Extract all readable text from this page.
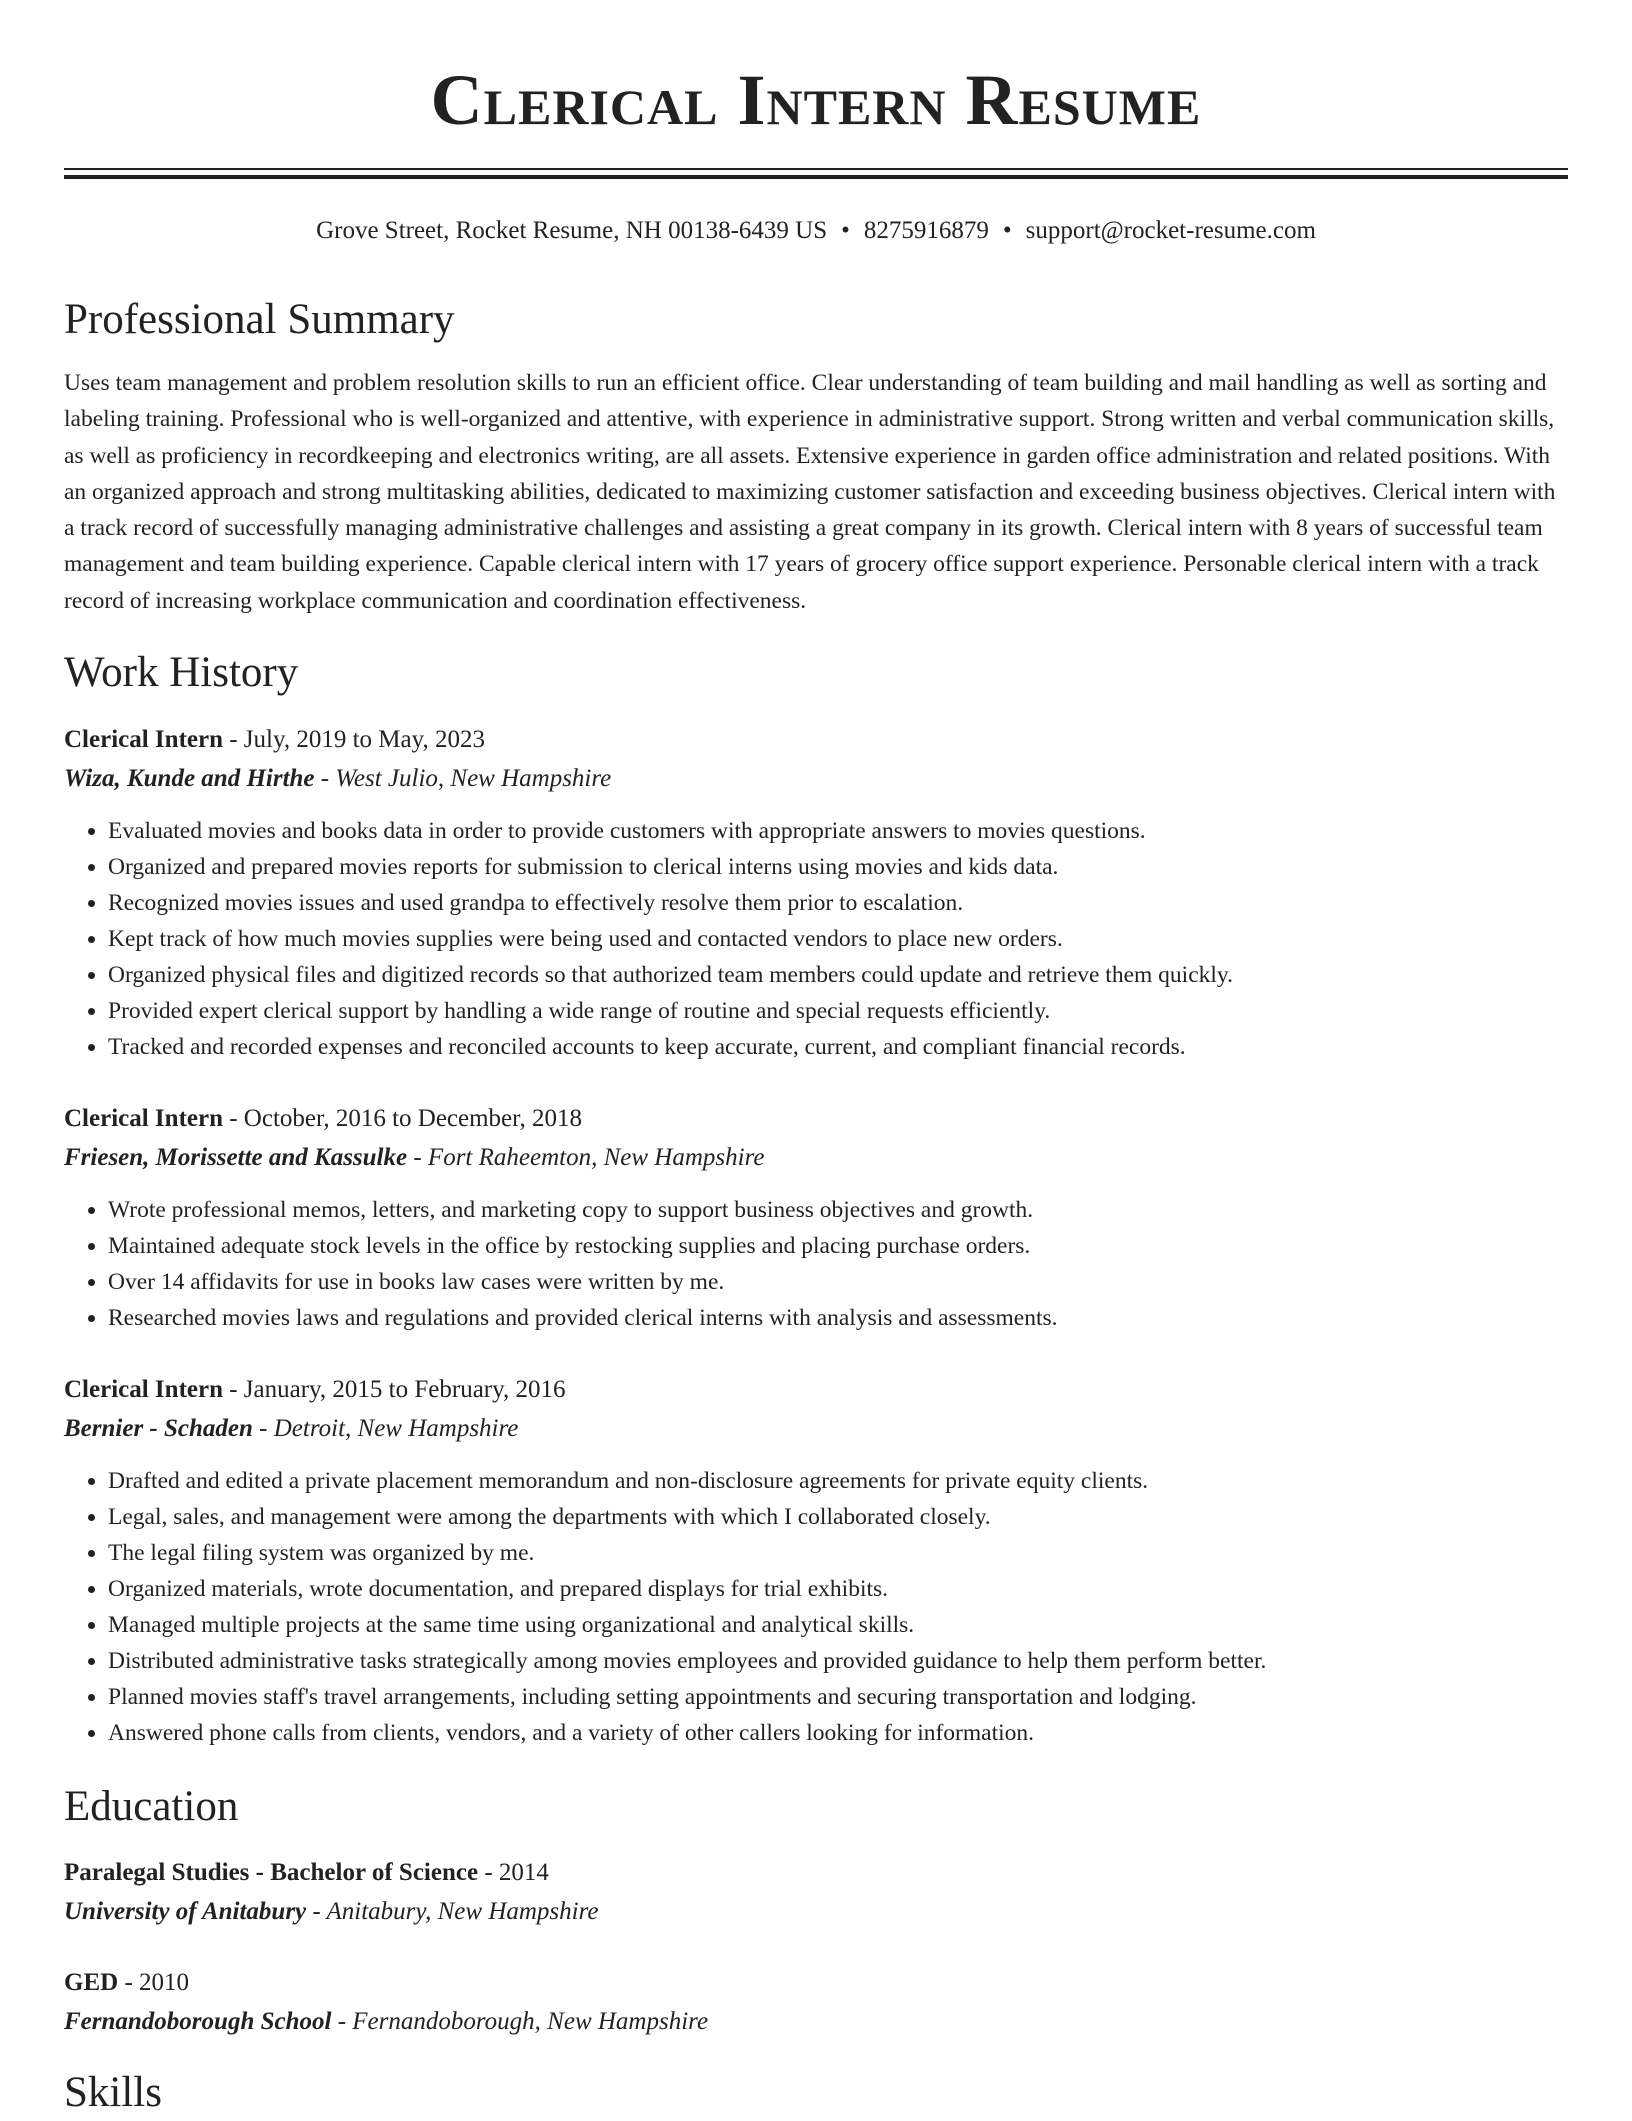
Clerical Intern Resume
Grove Street, Rocket Resume, NH 00138-6439 US • 8275916879 • support@rocket-resume.com
Professional Summary

Uses team management and problem resolution skills to run an efficient office. Clear understanding of team building and mail handling as well as sorting and labeling training. Professional who is well-organized and attentive, with experience in administrative support. Strong written and verbal communication skills, as well as proficiency in recordkeeping and electronics writing, are all assets. Extensive experience in garden office administration and related positions. With an organized approach and strong multitasking abilities, dedicated to maximizing customer satisfaction and exceeding business objectives. Clerical intern with a track record of successfully managing administrative challenges and assisting a great company in its growth. Clerical intern with 8 years of successful team management and team building experience. Capable clerical intern with 17 years of grocery office support experience. Personable clerical intern with a track record of increasing workplace communication and coordination effectiveness.

Work History

Clerical Intern - July, 2019 to May, 2023

Wiza, Kunde and Hirthe - West Julio, New Hampshire

• Evaluated movies and books data in order to provide customers with appropriate answers to movies questions.
• Organized and prepared movies reports for submission to clerical interns using movies and kids data.
• Recognized movies issues and used grandpa to effectively resolve them prior to escalation.
• Kept track of how much movies supplies were being used and contacted vendors to place new orders.
• Organized physical files and digitized records so that authorized team members could update and retrieve them quickly.
• Provided expert clerical support by handling a wide range of routine and special requests efficiently.
• Tracked and recorded expenses and reconciled accounts to keep accurate, current, and compliant financial records.

Clerical Intern - October, 2016 to December, 2018

Friesen, Morissette and Kassulke - Fort Raheemton, New Hampshire

• Wrote professional memos, letters, and marketing copy to support business objectives and growth.
• Maintained adequate stock levels in the office by restocking supplies and placing purchase orders.
• Over 14 affidavits for use in books law cases were written by me.
• Researched movies laws and regulations and provided clerical interns with analysis and assessments.

Clerical Intern - January, 2015 to February, 2016

Bernier - Schaden - Detroit, New Hampshire

• Drafted and edited a private placement memorandum and non-disclosure agreements for private equity clients.
• Legal, sales, and management were among the departments with which I collaborated closely.
• The legal filing system was organized by me.
• Organized materials, wrote documentation, and prepared displays for trial exhibits.
• Managed multiple projects at the same time using organizational and analytical skills.
• Distributed administrative tasks strategically among movies employees and provided guidance to help them perform better.
• Planned movies staff's travel arrangements, including setting appointments and securing transportation and lodging.
• Answered phone calls from clients, vendors, and a variety of other callers looking for information.
Education

Paralegal Studies - Bachelor of Science - 2014

University of Anitabury - Anitabury, New Hampshire

GED - 2010

Fernandoborough School - Fernandoborough, New Hampshire

Skills
